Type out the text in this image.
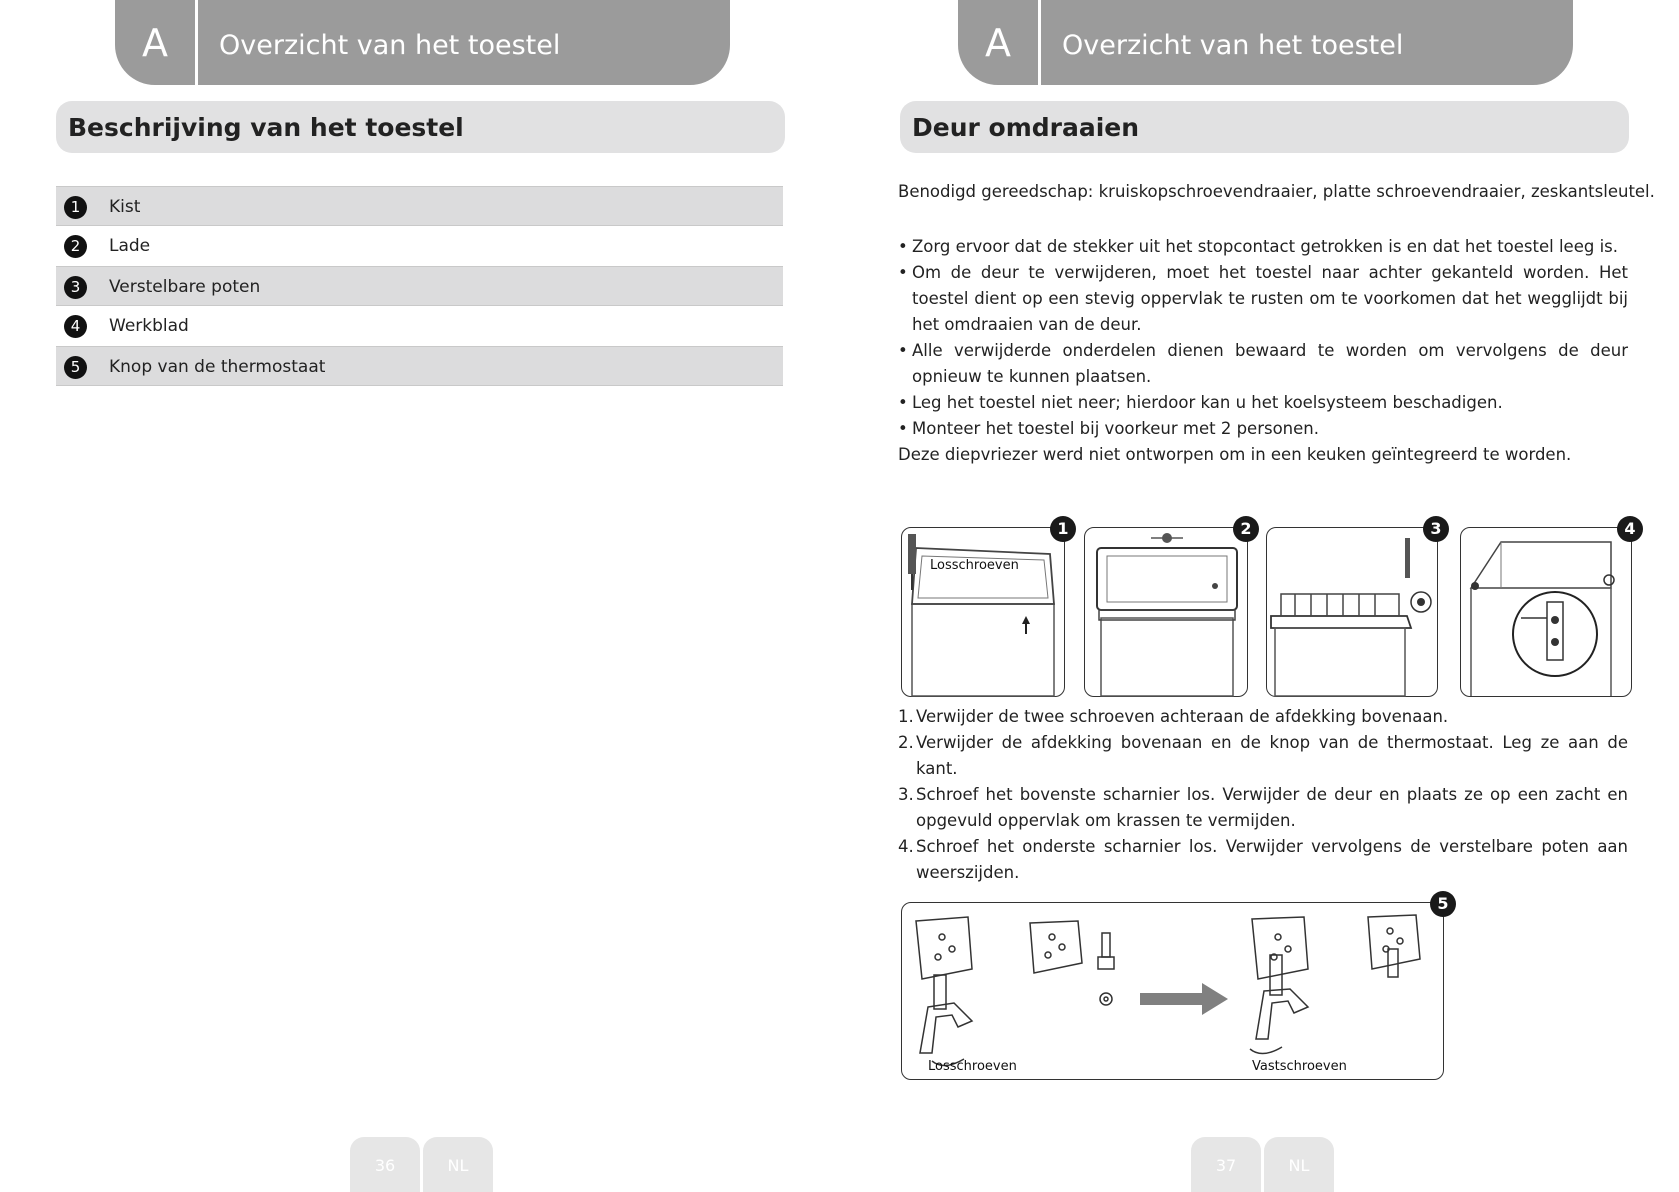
A	Overzicht van het toestel
Beschrijving van het toestel
1	Kist
2	Lade
3	Verstelbare poten
4	Werkblad
5	Knop van de thermostaat
36	NL
A	Overzicht van het toestel
Deur omdraaien
Benodigd gereedschap: kruiskopschroevendraaier, platte schroevendraaier, zeskantsleutel.
• Zorg ervoor dat de stekker uit het stopcontact getrokken is en dat het toestel leeg is.
• Om de deur te verwijderen, moet het toestel naar achter gekanteld worden. Het toestel dient op een stevig oppervlak te rusten om te voorkomen dat het wegglijdt bij het omdraaien van de deur.
• Alle verwijderde onderdelen dienen bewaard te worden om vervolgens de deur opnieuw te kunnen plaatsen.
• Leg het toestel niet neer; hierdoor kan u het koelsysteem beschadigen.
• Monteer het toestel bij voorkeur met 2 personen.
Deze diepvriezer werd niet ontworpen om in een keuken geïntegreerd te worden.
Losschroeven
1	2	3	4
1. Verwijder de twee schroeven achteraan de afdekking bovenaan.
2. Verwijder de afdekking bovenaan en de knop van de thermostaat. Leg ze aan de kant.
3. Schroef het bovenste scharnier los. Verwijder de deur en plaats ze op een zacht en opgevuld oppervlak om krassen te vermijden.
4. Schroef het onderste scharnier los. Verwijder vervolgens de verstelbare poten aan weerszijden.
Losschroeven	Vastschroeven
5
37	NL
